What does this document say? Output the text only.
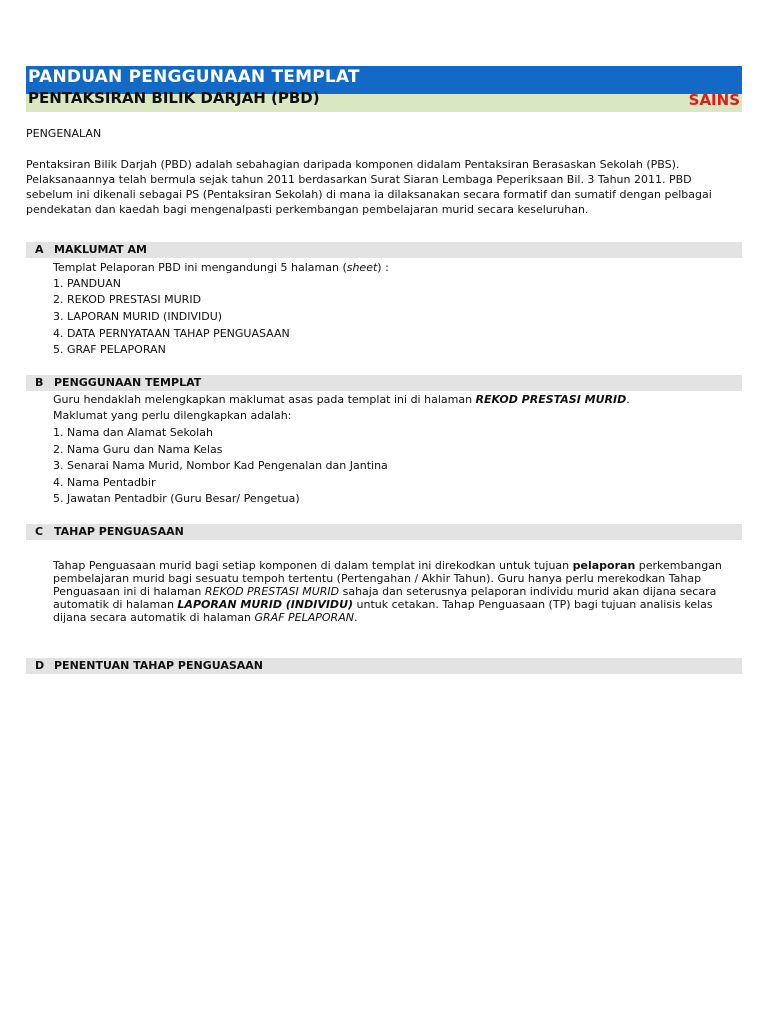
PANDUAN PENGGUNAAN TEMPLAT
PENTAKSIRAN BILIK DARJAH (PBD)	SAINS
PENGENALAN
Pentaksiran Bilik Darjah (PBD) adalah sebahagian daripada komponen didalam Pentaksiran Berasaskan Sekolah (PBS). Pelaksanaannya telah bermula sejak tahun 2011 berdasarkan Surat Siaran Lembaga Peperiksaan Bil. 3 Tahun 2011. PBD sebelum ini dikenali sebagai PS (Pentaksiran Sekolah) di mana ia dilaksanakan secara formatif dan sumatif dengan pelbagai pendekatan dan kaedah bagi mengenalpasti perkembangan pembelajaran murid secara keseluruhan.
A MAKLUMAT AM
Templat Pelaporan PBD ini mengandungi 5 halaman (sheet) :
1. PANDUAN
2. REKOD PRESTASI MURID
3. LAPORAN MURID (INDIVIDU)
4. DATA PERNYATAAN TAHAP PENGUASAAN
5. GRAF PELAPORAN
B PENGGUNAAN TEMPLAT
Guru hendaklah melengkapkan maklumat asas pada templat ini di halaman REKOD PRESTASI MURID.
Maklumat yang perlu dilengkapkan adalah:
1. Nama dan Alamat Sekolah
2. Nama Guru dan Nama Kelas
3. Senarai Nama Murid, Nombor Kad Pengenalan dan Jantina
4. Nama Pentadbir
5. Jawatan Pentadbir (Guru Besar/ Pengetua)
C TAHAP PENGUASAAN
Tahap Penguasaan murid bagi setiap komponen di dalam templat ini direkodkan untuk tujuan pelaporan perkembangan pembelajaran murid bagi sesuatu tempoh tertentu (Pertengahan / Akhir Tahun). Guru hanya perlu merekodkan Tahap Penguasaan ini di halaman REKOD PRESTASI MURID sahaja dan seterusnya pelaporan individu murid akan dijana secara automatik di halaman LAPORAN MURID (INDIVIDU) untuk cetakan. Tahap Penguasaan (TP) bagi tujuan analisis kelas dijana secara automatik di halaman GRAF PELAPORAN.
D PENENTUAN TAHAP PENGUASAAN
